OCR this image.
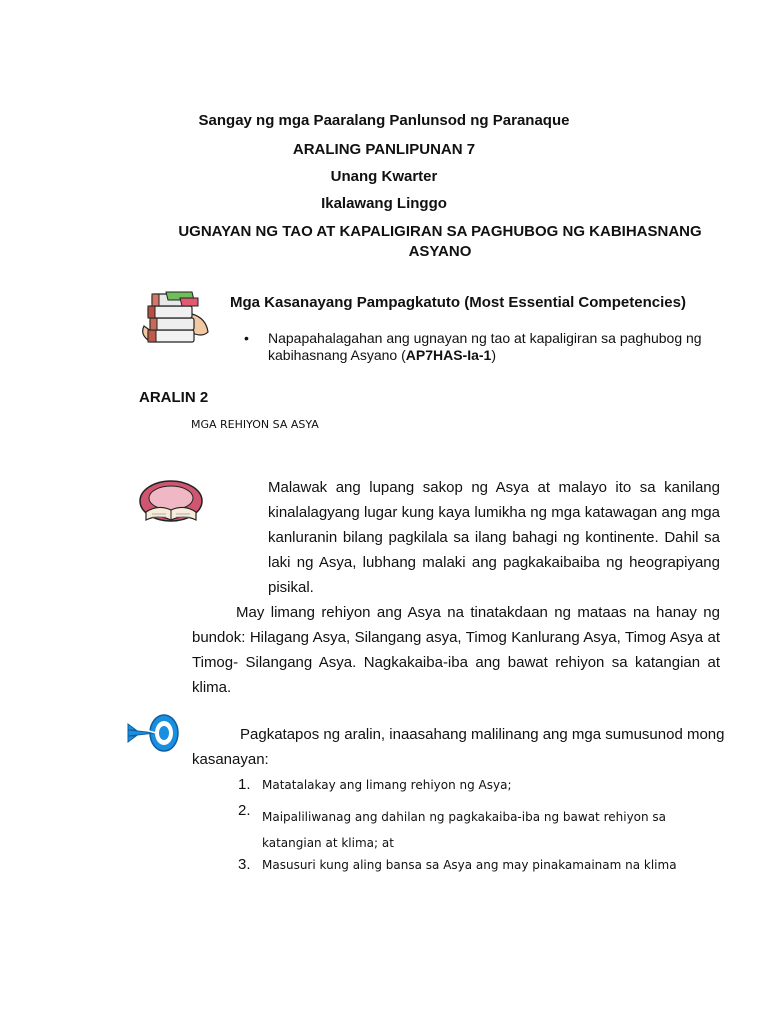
Sangay ng mga Paaralang Panlunsod ng Paranaque
ARALING PANLIPUNAN 7
Unang Kwarter
Ikalawang Linggo
UGNAYAN NG TAO AT KAPALIGIRAN SA PAGHUBOG NG KABIHASNANG ASYANO
Mga Kasanayang Pampagkatuto (Most Essential Competencies)
• Napapahalagahan ang ugnayan ng tao at kapaligiran sa paghubog ng kabihasnang Asyano (AP7HAS-Ia-1)
ARALIN 2
MGA REHIYON SA ASYA
Malawak ang lupang sakop ng Asya at malayo ito sa kanilang kinalalagyang lugar kung kaya lumikha ng mga katawagan ang mga kanluranin bilang pagkilala sa ilang bahagi ng kontinente. Dahil sa laki ng Asya, lubhang malaki ang pagkakaibaiba ng heograpiyang pisikal.
May limang rehiyon ang Asya na tinatakdaan ng mataas na hanay ng bundok: Hilagang Asya, Silangang asya, Timog Kanlurang Asya, Timog Asya at Timog- Silangang Asya. Nagkakaiba-iba ang bawat rehiyon sa katangian at klima.
Pagkatapos ng aralin, inaasahang malilinang ang mga sumusunod mong kasanayan:
1. Matatalakay ang limang rehiyon ng Asya;
2. Maipaliliwanag ang dahilan ng pagkakaiba-iba ng bawat rehiyon sa katangian at klima; at
3. Masusuri kung aling bansa sa Asya ang may pinakamainam na klima
